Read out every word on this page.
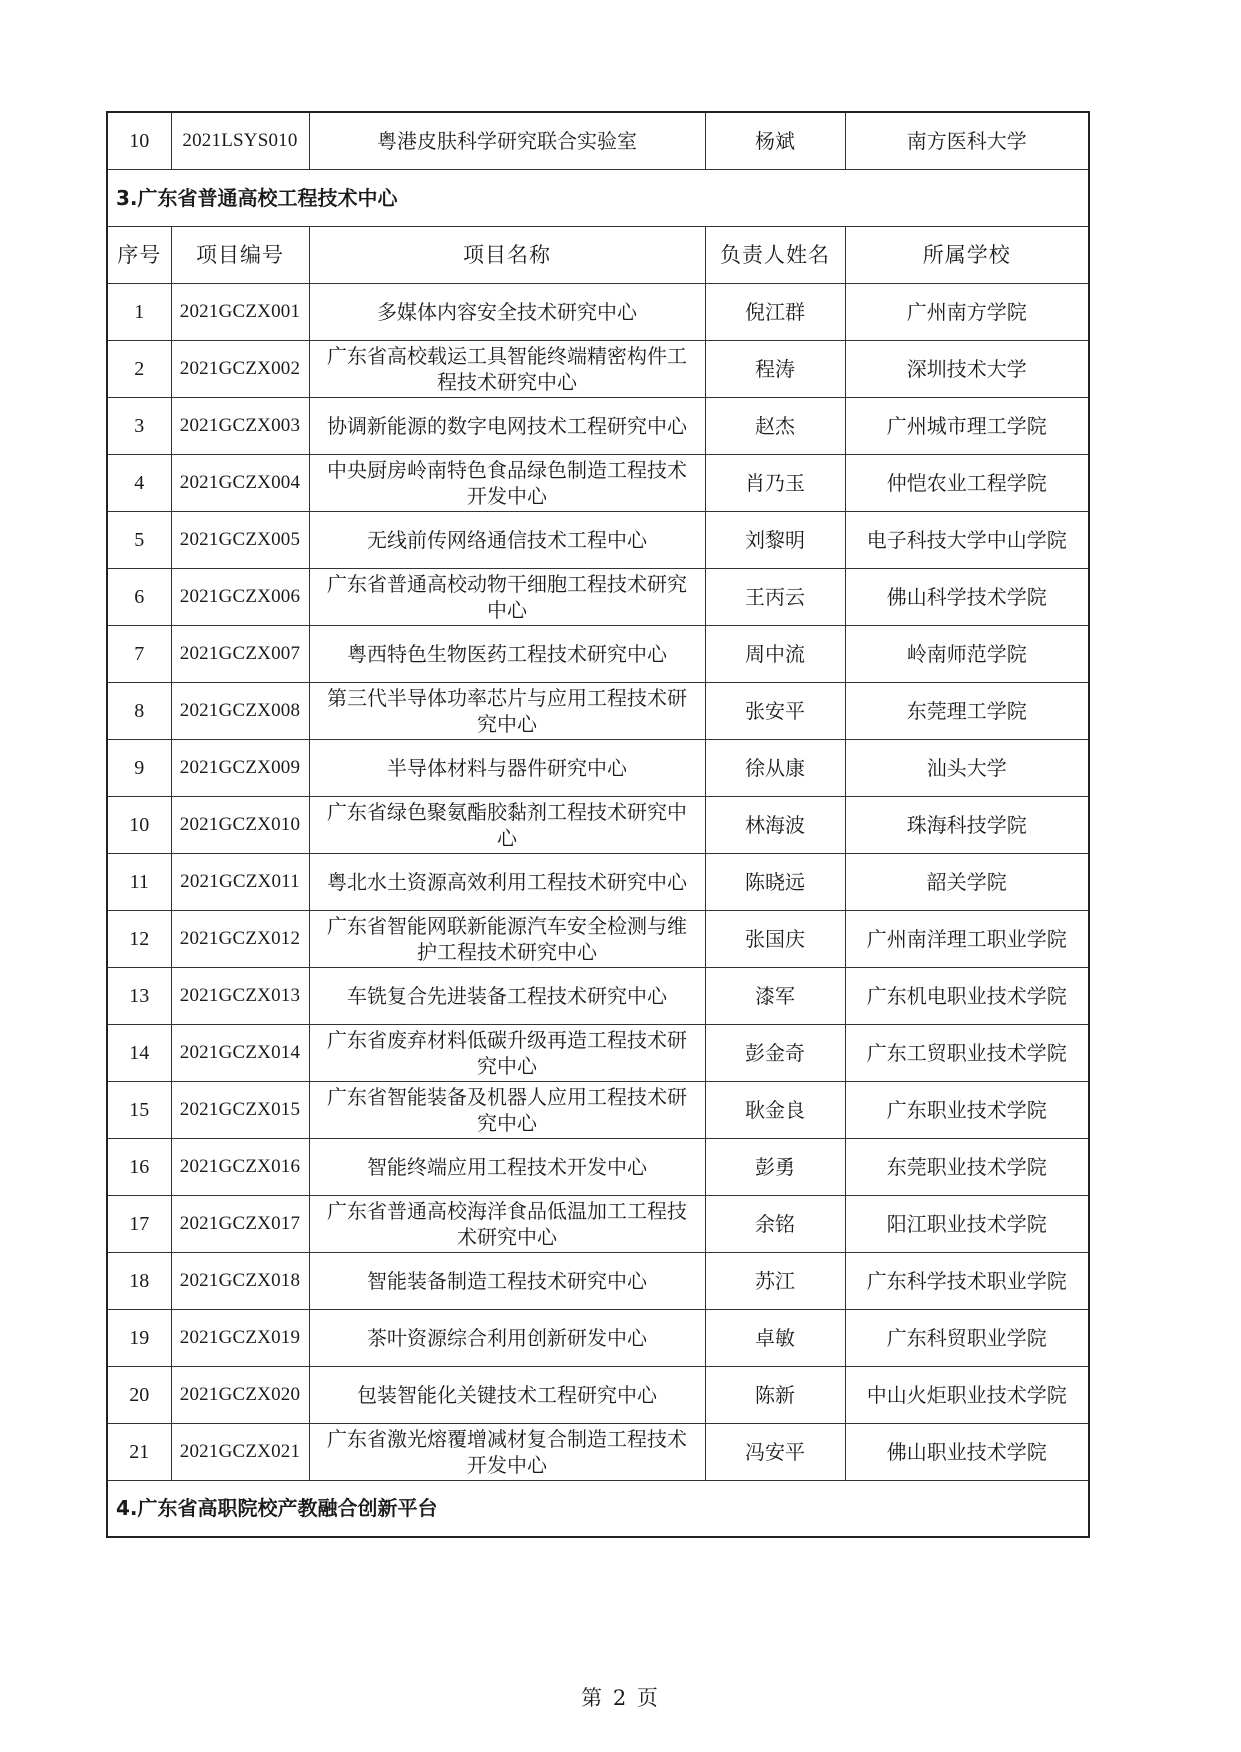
10	2021LSYS010	粤港皮肤科学研究联合实验室	杨斌	南方医科大学
3.广东省普通高校工程技术中心				
序号	项目编号	项目名称	负责人姓名	所属学校
1	2021GCZX001	多媒体内容安全技术研究中心	倪江群	广州南方学院
2	2021GCZX002	广东省高校载运工具智能终端精密构件工程技术研究中心	程涛	深圳技术大学
3	2021GCZX003	协调新能源的数字电网技术工程研究中心	赵杰	广州城市理工学院
4	2021GCZX004	中央厨房岭南特色食品绿色制造工程技术开发中心	肖乃玉	仲恺农业工程学院
5	2021GCZX005	无线前传网络通信技术工程中心	刘黎明	电子科技大学中山学院
6	2021GCZX006	广东省普通高校动物干细胞工程技术研究中心	王丙云	佛山科学技术学院
7	2021GCZX007	粤西特色生物医药工程技术研究中心	周中流	岭南师范学院
8	2021GCZX008	第三代半导体功率芯片与应用工程技术研究中心	张安平	东莞理工学院
9	2021GCZX009	半导体材料与器件研究中心	徐从康	汕头大学
10	2021GCZX010	广东省绿色聚氨酯胶黏剂工程技术研究中心	林海波	珠海科技学院
11	2021GCZX011	粤北水土资源高效利用工程技术研究中心	陈晓远	韶关学院
12	2021GCZX012	广东省智能网联新能源汽车安全检测与维护工程技术研究中心	张国庆	广州南洋理工职业学院
13	2021GCZX013	车铣复合先进装备工程技术研究中心	漆军	广东机电职业技术学院
14	2021GCZX014	广东省废弃材料低碳升级再造工程技术研究中心	彭金奇	广东工贸职业技术学院
15	2021GCZX015	广东省智能装备及机器人应用工程技术研究中心	耿金良	广东职业技术学院
16	2021GCZX016	智能终端应用工程技术开发中心	彭勇	东莞职业技术学院
17	2021GCZX017	广东省普通高校海洋食品低温加工工程技术研究中心	余铭	阳江职业技术学院
18	2021GCZX018	智能装备制造工程技术研究中心	苏江	广东科学技术职业学院
19	2021GCZX019	茶叶资源综合利用创新研发中心	卓敏	广东科贸职业学院
20	2021GCZX020	包装智能化关键技术工程研究中心	陈新	中山火炬职业技术学院
21	2021GCZX021	广东省激光熔覆增减材复合制造工程技术开发中心	冯安平	佛山职业技术学院
4.广东省高职院校产教融合创新平台				
第 2 页
